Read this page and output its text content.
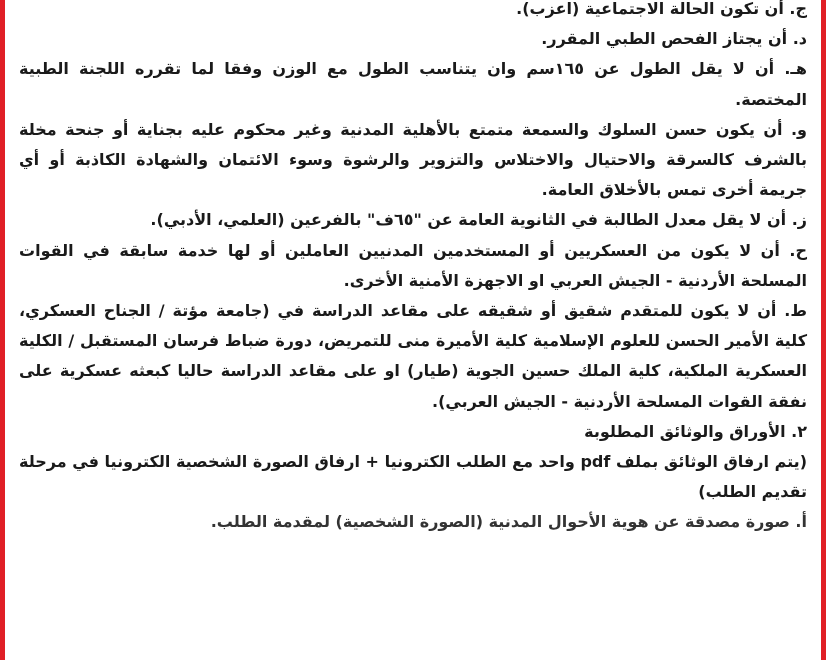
ج. أن تكون الحالة الاجتماعية (اعزب).

د. أن يجتاز الفحص الطبي المقرر.

هـ. أن لا يقل الطول عن ١٦٥سم وان يتناسب الطول مع الوزن وفقا لما تقرره اللجنة الطبية المختصة.

و. أن يكون حسن السلوك والسمعة متمتع بالأهلية المدنية وغير محكوم عليه بجناية أو جنحة مخلة بالشرف كالسرقة والاحتيال والاختلاس والتزوير والرشوة وسوء الائتمان والشهادة الكاذبة أو أي جريمة أخرى تمس بالأخلاق العامة.

ز. أن لا يقل معدل الطالبة في الثانوية العامة عن "٦٥ف" بالفرعين (العلمي، الأدبي).

ح. أن لا يكون من العسكريين أو المستخدمين المدنيين العاملين أو لها خدمة سابقة في القوات المسلحة الأردنية - الجيش العربي او الاجهزة الأمنية الأخرى.

ط. أن لا يكون للمتقدم شقيق أو شقيقه على مقاعد الدراسة في (جامعة مؤتة / الجناح العسكري، كلية الأمير الحسن للعلوم الإسلامية كلية الأميرة منى للتمريض، دورة ضباط فرسان المستقبل / الكلية العسكرية الملكية، كلية الملك حسين الجوية (طيار) او على مقاعد الدراسة حاليا كبعثه عسكرية على نفقة القوات المسلحة الأردنية - الجيش العربي).

٢. الأوراق والوثائق المطلوبة

(يتم ارفاق الوثائق بملف pdf واحد مع الطلب الكترونيا + ارفاق الصورة الشخصية الكترونيا في مرحلة تقديم الطلب)

أ. صورة مصدقة عن هوية الأحوال المدنية (الصورة الشخصية) لمقدمة الطلب.
